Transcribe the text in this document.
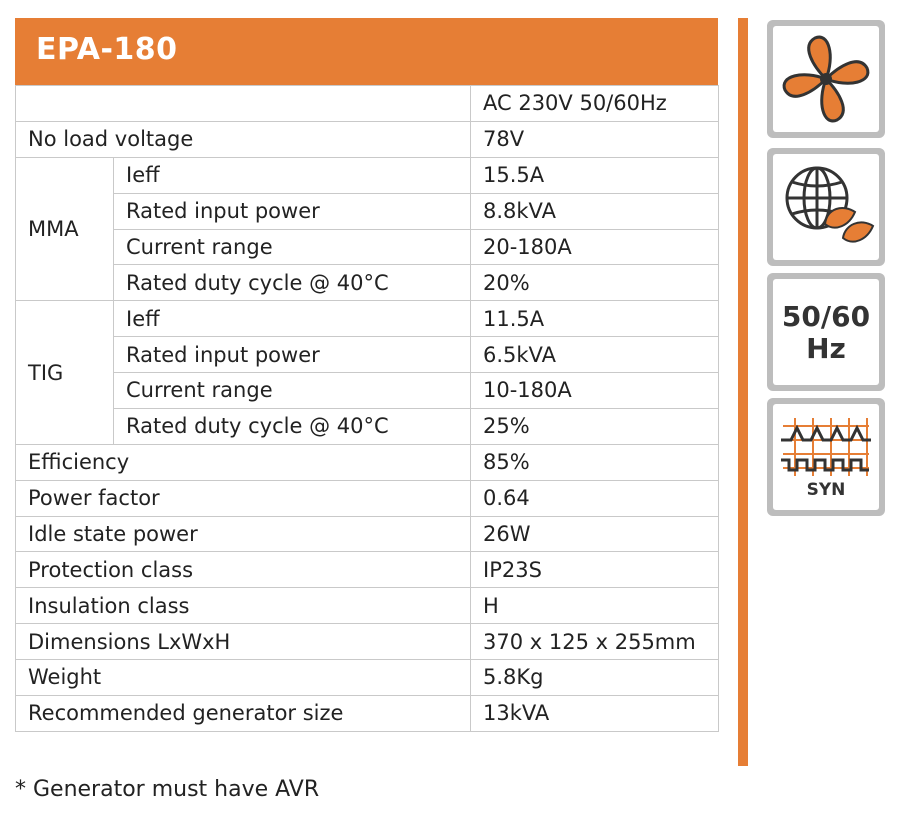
EPA-180
		AC 230V 50/60Hz
No load voltage		78V
MMA	Ieff	15.5A
	Rated input power	8.8kVA
	Current range	20-180A
	Rated duty cycle @ 40°C	20%
TIG	Ieff	11.5A
	Rated input power	6.5kVA
	Current range	10-180A
	Rated duty cycle @ 40°C	25%
Efficiency		85%
Power factor		0.64
Idle state power		26W
Protection class		IP23S
Insulation class		H
Dimensions LxWxH		370 x 125 x 255mm
Weight		5.8Kg
Recommended generator size		13kVA
50/60
Hz
SYN
* Generator must have AVR
